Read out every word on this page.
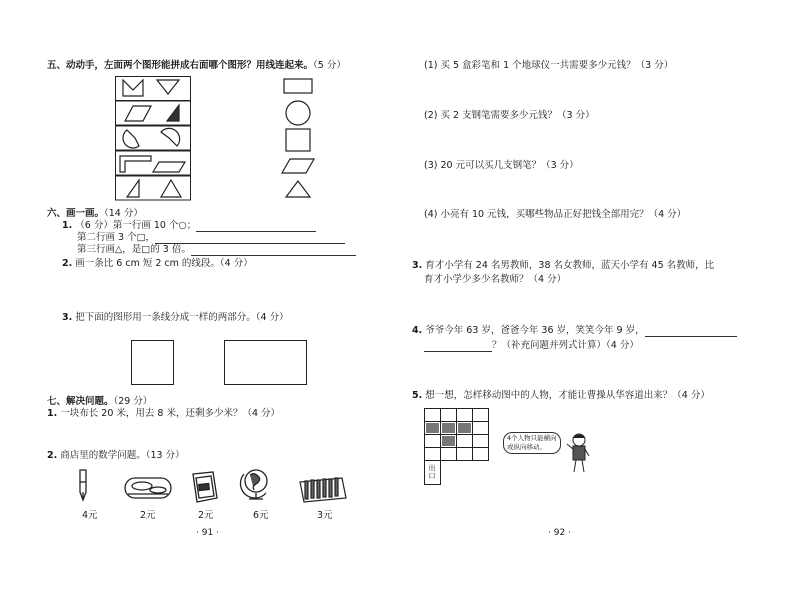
五、动动手，左面两个图形能拼成右面哪个图形？用线连起来。（5 分）
六、画一画。（14 分）
1. （6 分）第一行画 10 个○；
第二行画 3 个□，
第三行画△，是□的 3 倍。
2. 画一条比 6 cm 短 2 cm 的线段。（4 分）
3. 把下面的图形用一条线分成一样的两部分。（4 分）
七、解决问题。（29 分）
1. 一块布长 20 米，用去 8 米，还剩多少米？（4 分）
2. 商店里的数学问题。（13 分）
4元	2元	2元	6元	3元
· 91 ·
(1) 买 5 盒彩笔和 1 个地球仪一共需要多少元钱？（3 分）
(2) 买 2 支钢笔需要多少元钱？（3 分）
(3) 20 元可以买几支钢笔？（3 分）
(4) 小亮有 10 元钱，买哪些物品正好把钱全部用完？（4 分）
3. 育才小学有 24 名男教师，38 名女教师，蓝天小学有 45 名教师，比
育才小学少多少名教师？（4 分）
4. 爷爷今年 63 岁，爸爸今年 36 岁，笑笑今年 9 岁，
？（补充问题并列式计算）（4 分）
5. 想一想，怎样移动图中的人物，才能让曹操从华容道出来？（4 分）
出口
4个人物只能横向
或纵向移动。
· 92 ·
